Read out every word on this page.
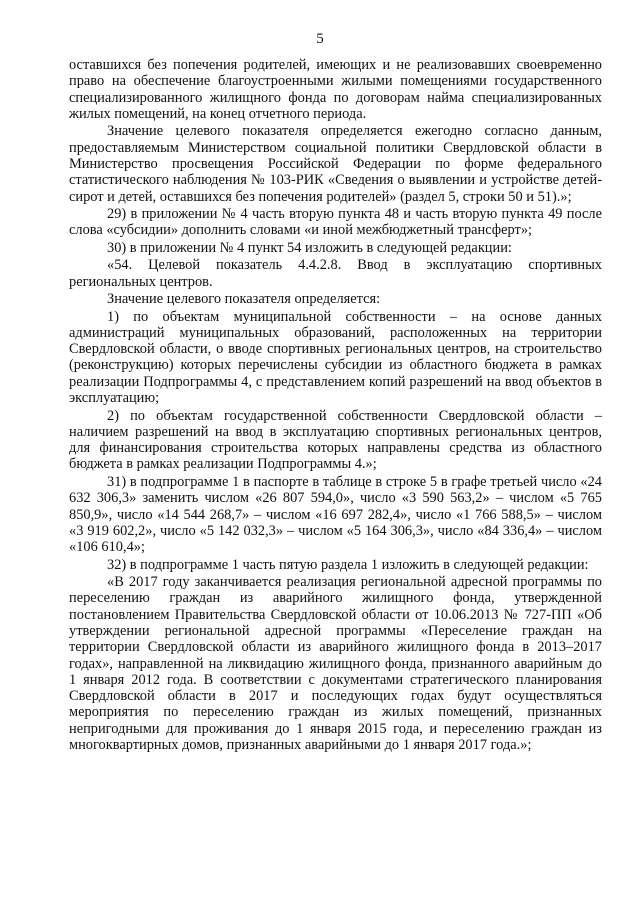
5

оставшихся без попечения родителей, имеющих и не реализовавших своевременно право на обеспечение благоустроенными жилыми помещениями государственного специализированного жилищного фонда по договорам найма специализированных жилых помещений, на конец отчетного периода.

Значение целевого показателя определяется ежегодно согласно данным, предоставляемым Министерством социальной политики Свердловской области в Министерство просвещения Российской Федерации по форме федерального статистического наблюдения № 103-РИК «Сведения о выявлении и устройстве детей-сирот и детей, оставшихся без попечения родителей» (раздел 5, строки 50 и 51).»;

29) в приложении № 4 часть вторую пункта 48 и часть вторую пункта 49 после слова «субсидии» дополнить словами «и иной межбюджетный трансферт»;

30) в приложении № 4 пункт 54 изложить в следующей редакции:

«54. Целевой показатель 4.4.2.8. Ввод в эксплуатацию спортивных региональных центров.

Значение целевого показателя определяется:

1) по объектам муниципальной собственности – на основе данных администраций муниципальных образований, расположенных на территории Свердловской области, о вводе спортивных региональных центров, на строительство (реконструкцию) которых перечислены субсидии из областного бюджета в рамках реализации Подпрограммы 4, с представлением копий разрешений на ввод объектов в эксплуатацию;

2) по объектам государственной собственности Свердловской области – наличием разрешений на ввод в эксплуатацию спортивных региональных центров, для финансирования строительства которых направлены средства из областного бюджета в рамках реализации Подпрограммы 4.»;

31) в подпрограмме 1 в паспорте в таблице в строке 5 в графе третьей число «24 632 306,3» заменить числом «26 807 594,0», число «3 590 563,2» – числом «5 765 850,9», число «14 544 268,7» – числом «16 697 282,4», число «1 766 588,5» – числом «3 919 602,2», число «5 142 032,3» – числом «5 164 306,3», число «84 336,4» – числом «106 610,4»;

32) в подпрограмме 1 часть пятую раздела 1 изложить в следующей редакции:

«В 2017 году заканчивается реализация региональной адресной программы по переселению граждан из аварийного жилищного фонда, утвержденной постановлением Правительства Свердловской области от 10.06.2013 № 727-ПП «Об утверждении региональной адресной программы «Переселение граждан на территории Свердловской области из аварийного жилищного фонда в 2013–2017 годах», направленной на ликвидацию жилищного фонда, признанного аварийным до 1 января 2012 года. В соответствии с документами стратегического планирования Свердловской области в 2017 и последующих годах будут осуществляться мероприятия по переселению граждан из жилых помещений, признанных непригодными для проживания до 1 января 2015 года, и переселению граждан из многоквартирных домов, признанных аварийными до 1 января 2017 года.»;
